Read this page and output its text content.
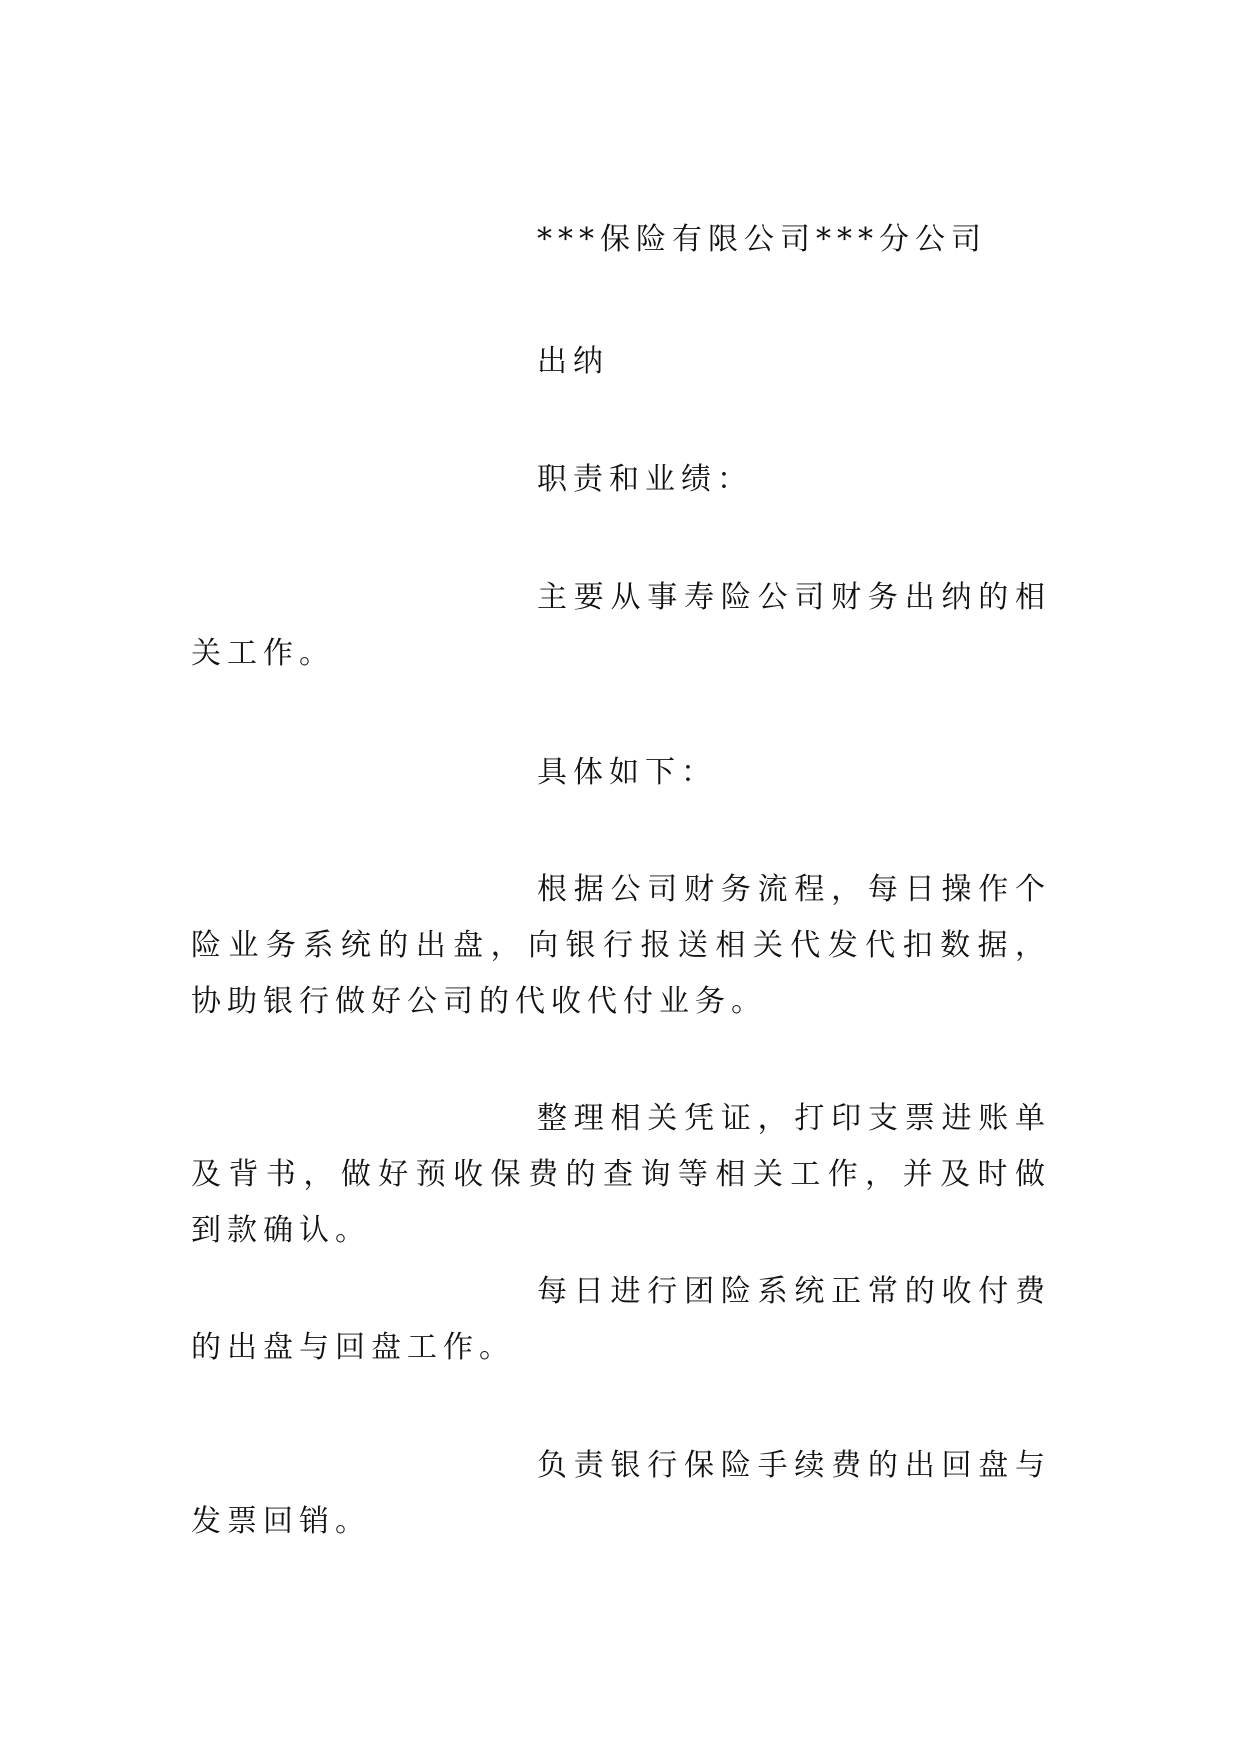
***保险有限公司***分公司

出纳

职责和业绩：

主要从事寿险公司财务出纳的相关工作。

具体如下：

根据公司财务流程，每日操作个险业务系统的出盘，向银行报送相关代发代扣数据，协助银行做好公司的代收代付业务。

整理相关凭证，打印支票进账单及背书，做好预收保费的查询等相关工作，并及时做到款确认。

每日进行团险系统正常的收付费的出盘与回盘工作。

负责银行保险手续费的出回盘与发票回销。
